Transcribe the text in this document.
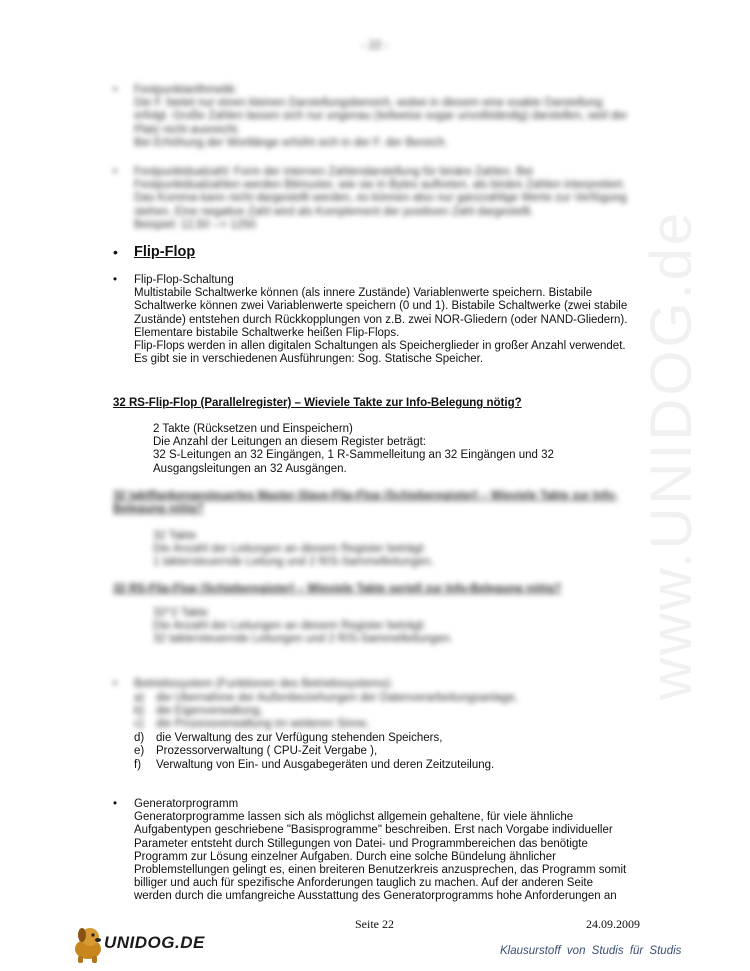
- 22 -
www.UNIDOG.de
• Festpunktarithmetik:
Die F. bietet nur einen kleinen Darstellungsbereich, wobei in diesem eine exakte Darstellung
erfolgt. Große Zahlen lassen sich nur ungenau (teilweise sogar unvollständig) darstellen, weil der
Platz nicht ausreicht.
Bei Erhöhung der Wortlänge erhöht sich in der F. der Bereich.
• Festpunktdualzahl: Form der internen Zahlendarstellung für binäre Zahlen. Bei
Festpunktdualzahlen werden Bitmuster, wie sie in Bytes auftreten, als binäre Zahlen interpretiert.
Das Komma kann nicht dargestellt werden, es können also nur ganzzahlige Werte zur Verfügung
stehen. Eine negative Zahl wird als Komplement der positiven Zahl dargestellt.
Beispiel: 12,50 --> 1250
• Flip-Flop
• Flip-Flop-Schaltung
Multistabile Schaltwerke können (als innere Zustände) Variablenwerte speichern. Bistabile
Schaltwerke können zwei Variablenwerte speichern (0 und 1). Bistabile Schaltwerke (zwei stabile
Zustände) entstehen durch Rückkopplungen von z.B. zwei NOR-Gliedern (oder NAND-Gliedern).
Elementare bistabile Schaltwerke heißen Flip-Flops.
Flip-Flops werden in allen digitalen Schaltungen als Speicherglieder in großer Anzahl verwendet.
Es gibt sie in verschiedenen Ausführungen: Sog. Statische Speicher.
32 RS-Flip-Flop (Parallelregister) – Wieviele Takte zur Info-Belegung nötig?
2 Takte (Rücksetzen und Einspeichern)
Die Anzahl der Leitungen an diesem Register beträgt:
32 S-Leitungen an 32 Eingängen, 1 R-Sammelleitung an 32 Eingängen und 32
Ausgangsleitungen an 32 Ausgängen.
32 taktflankengesteuertes Master-Slave-Flip-Flop (Schieberegister) – Wieviele Takte zur Info-
Belegung nötig?
32 Takte
Die Anzahl der Leitungen an diesem Register beträgt:
1 taktersteuernde Leitung und 2 R/S-Sammelleitungen.
32 RS-Flip-Flop (Schieberegister) – Wieviele Takte seriell zur Info-Belegung nötig?
32^2 Takte
Die Anzahl der Leitungen an diesem Register beträgt:
32 taktersteuernde Leitungen und 2 R/S-Sammelleitungen.
• Betriebssystem (Funktionen des Betriebssystems):
a) die Übernahme der Außenbeziehungen der Datenverarbeitungsanlage,
b) die Eigenverwaltung,
c) die Prozessverwaltung im weiteren Sinne,
d) die Verwaltung des zur Verfügung stehenden Speichers,
e) Prozessorverwaltung ( CPU-Zeit Vergabe ),
f) Verwaltung von Ein- und Ausgabegeräten und deren Zeitzuteilung.
• Generatorprogramm
Generatorprogramme lassen sich als möglichst allgemein gehaltene, für viele ähnliche
Aufgabentypen geschriebene "Basisprogramme" beschreiben. Erst nach Vorgabe individueller
Parameter entsteht durch Stillegungen von Datei- und Programmbereichen das benötigte
Programm zur Lösung einzelner Aufgaben. Durch eine solche Bündelung ähnlicher
Problemstellungen gelingt es, einen breiteren Benutzerkreis anzusprechen, das Programm somit
billiger und auch für spezifische Anforderungen tauglich zu machen. Auf der anderen Seite
werden durch die umfangreiche Ausstattung des Generatorprogramms hohe Anforderungen an
Seite 22	24.09.2009
UNIDOG.DE	Klausurstoff von Studis für Studis
